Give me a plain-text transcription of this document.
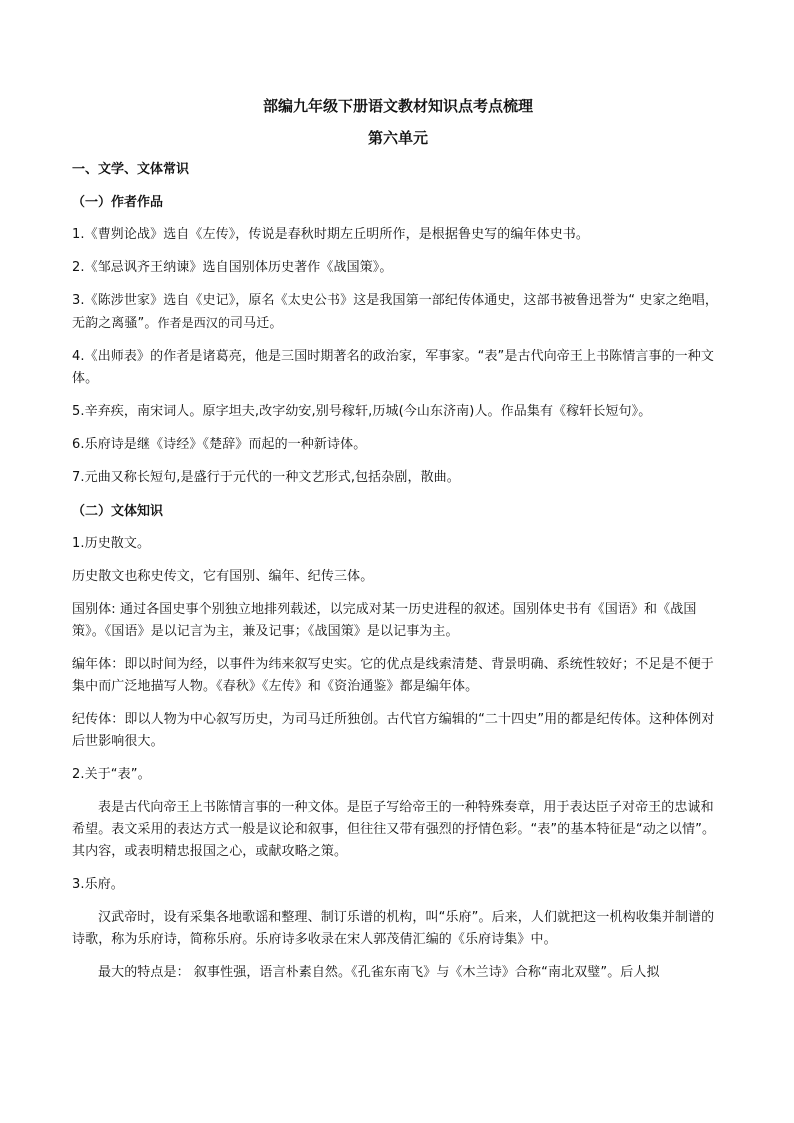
部编九年级下册语文教材知识点考点梳理

第六单元

一、文学、文体常识

（一）作者作品

1.《曹刿论战》选自《左传》，传说是春秋时期左丘明所作，是根据鲁史写的编年体史书。

2.《邹忌讽齐王纳谏》选自国别体历史著作《战国策》。

3.《陈涉世家》选自《史记》，原名《太史公书》这是我国第一部纪传体通史，这部书被鲁迅誉为“ 史家之绝唱，无韵之离骚”。作者是西汉的司马迁。

4.《出师表》的作者是诸葛亮，他是三国时期著名的政治家，军事家。“表”是古代向帝王上书陈情言事的一种文体。

5.辛弃疾，南宋词人。原字坦夫,改字幼安,别号稼轩,历城(今山东济南)人。作品集有《稼轩长短句》。

6.乐府诗是继《诗经》《楚辞》而起的一种新诗体。

7.元曲又称长短句,是盛行于元代的一种文艺形式,包括杂剧，散曲。

（二）文体知识

1.历史散文。

历史散文也称史传文，它有国别、编年、纪传三体。

国别体: 通过各国史事个别独立地排列载述，以完成对某一历史进程的叙述。国别体史书有《国语》和《战国策》。《国语》是以记言为主，兼及记事；《战国策》是以记事为主。

编年体：即以时间为经，以事件为纬来叙写史实。它的优点是线索清楚、背景明确、系统性较好；不足是不便于集中而广泛地描写人物。《春秋》《左传》和《资治通鉴》都是编年体。

纪传体：即以人物为中心叙写历史，为司马迁所独创。古代官方编辑的“二十四史”用的都是纪传体。这种体例对后世影响很大。

2.关于“表”。

表是古代向帝王上书陈情言事的一种文体。是臣子写给帝王的一种特殊奏章，用于表达臣子对帝王的忠诚和希望。表文采用的表达方式一般是议论和叙事，但往往又带有强烈的抒情色彩。“表”的基本特征是“动之以情”。其内容，或表明精忠报国之心，或献攻略之策。

3.乐府。

汉武帝时，设有采集各地歌谣和整理、制订乐谱的机构，叫“乐府”。后来，人们就把这一机构收集并制谱的诗歌，称为乐府诗，简称乐府。乐府诗多收录在宋人郭茂倩汇编的《乐府诗集》中。

最大的特点是： 叙事性强，语言朴素自然。《孔雀东南飞》与《木兰诗》合称“南北双璧”。后人拟
